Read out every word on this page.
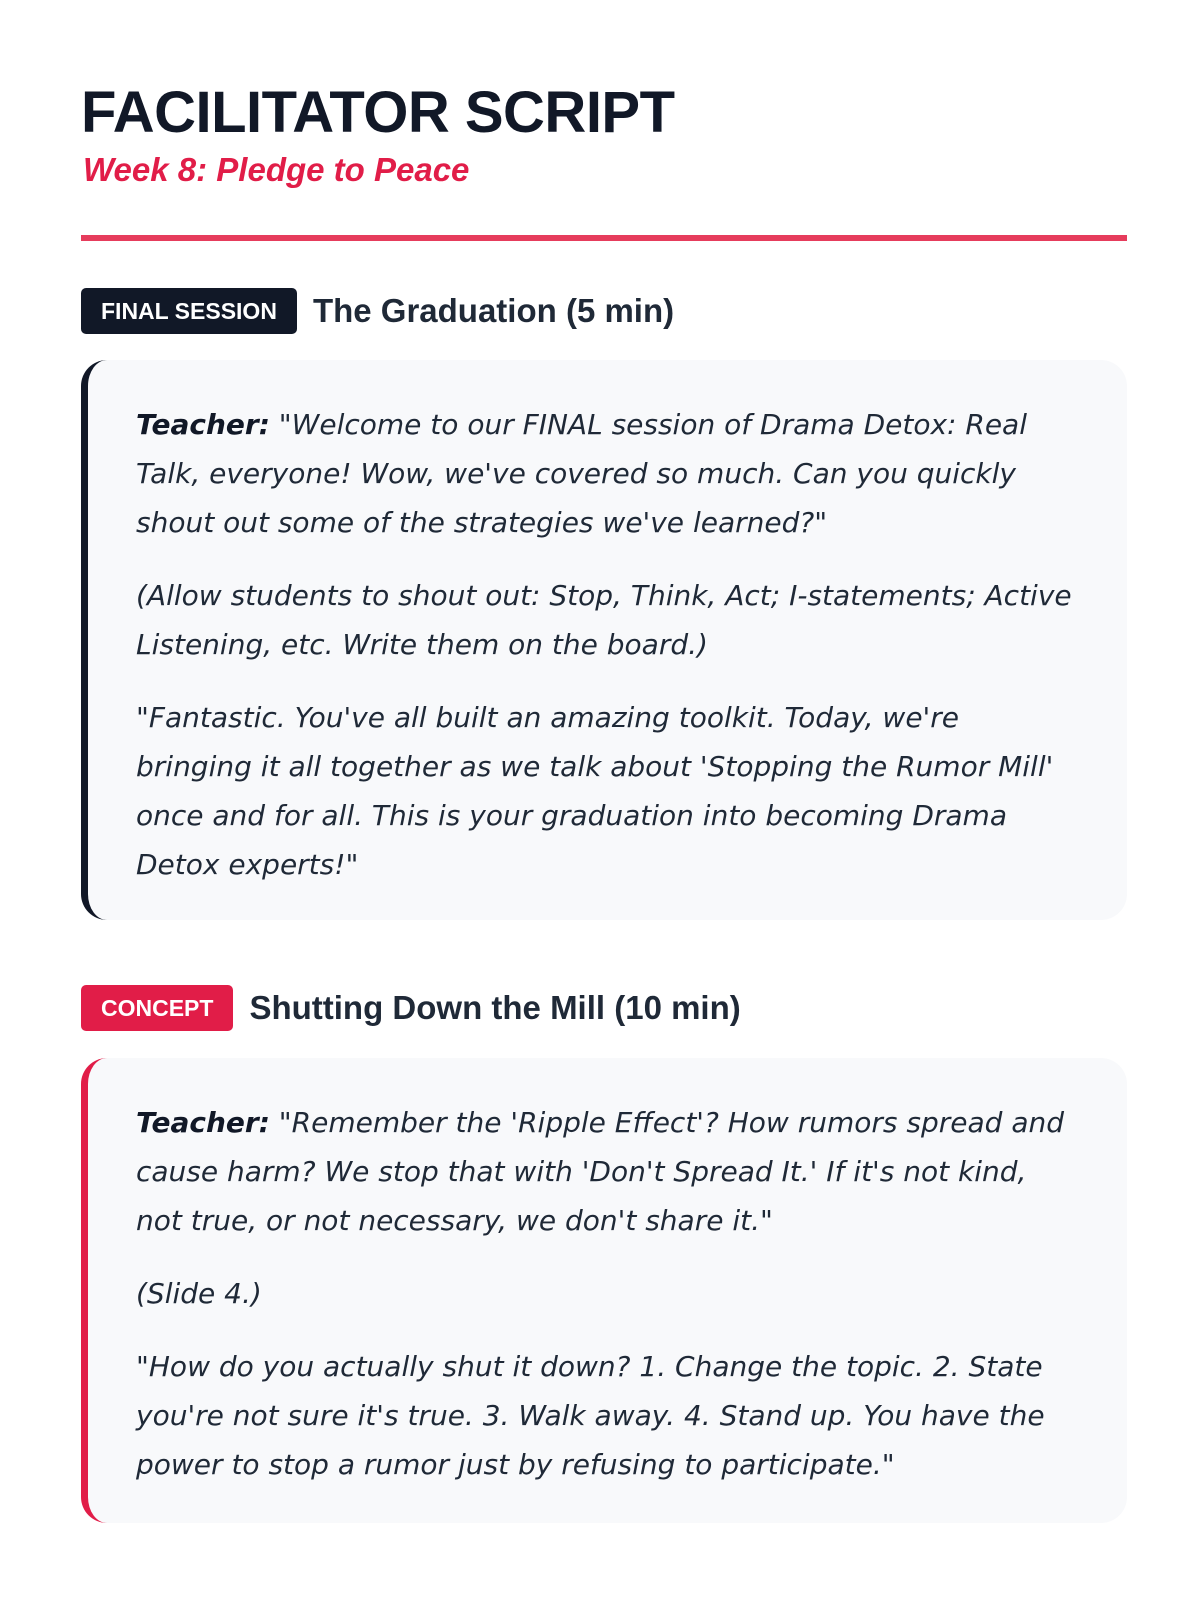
FACILITATOR SCRIPT
Week 8: Pledge to Peace
FINAL SESSION	The Graduation (5 min)

Teacher: "Welcome to our FINAL session of Drama Detox: Real Talk, everyone! Wow, we've covered so much. Can you quickly shout out some of the strategies we've learned?"

(Allow students to shout out: Stop, Think, Act; I-statements; Active Listening, etc. Write them on the board.)

"Fantastic. You've all built an amazing toolkit. Today, we're bringing it all together as we talk about 'Stopping the Rumor Mill' once and for all. This is your graduation into becoming Drama Detox experts!"

CONCEPT	Shutting Down the Mill (10 min)

Teacher: "Remember the 'Ripple Effect'? How rumors spread and cause harm? We stop that with 'Don't Spread It.' If it's not kind, not true, or not necessary, we don't share it."

(Slide 4.)

"How do you actually shut it down? 1. Change the topic. 2. State you're not sure it's true. 3. Walk away. 4. Stand up. You have the power to stop a rumor just by refusing to participate."
